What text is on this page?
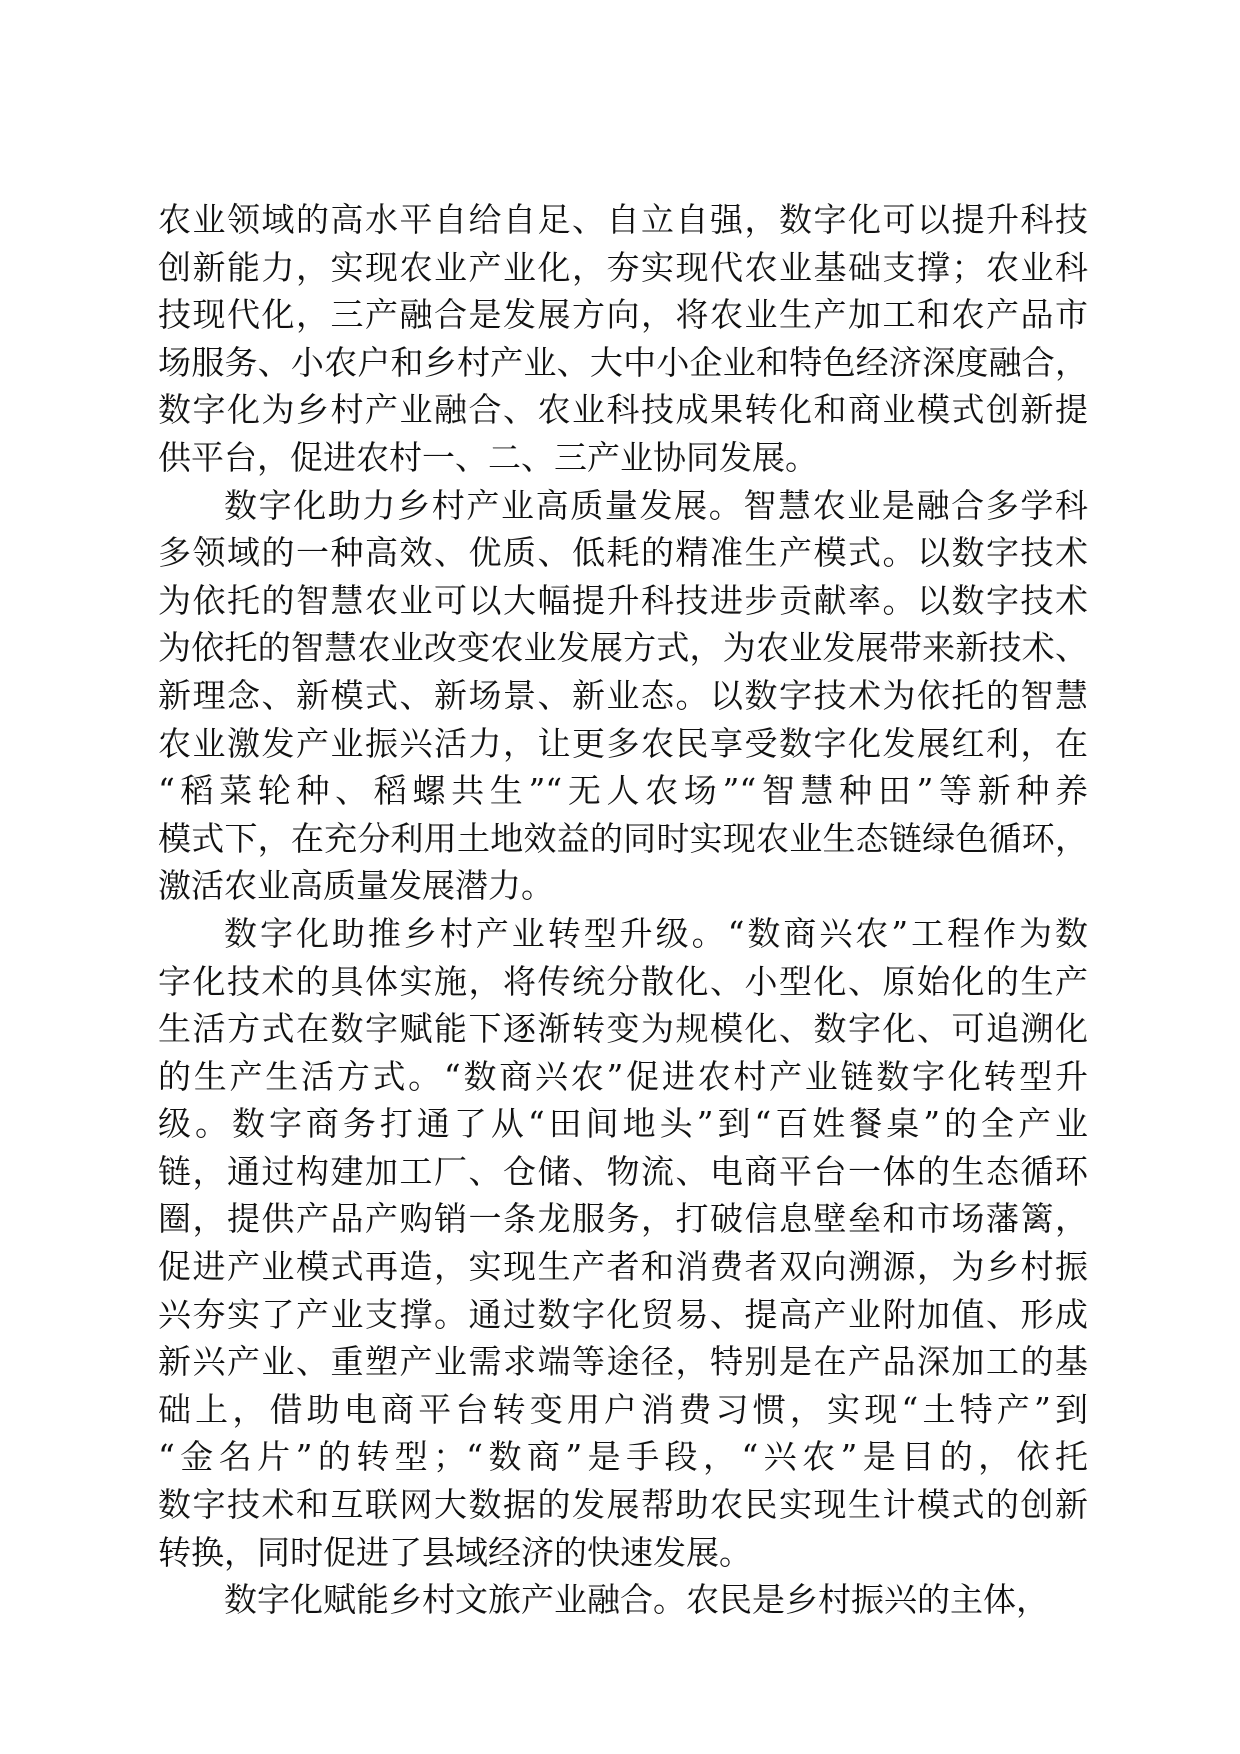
农业领域的高水平自给自足、自立自强，数字化可以提升科技
创新能力，实现农业产业化，夯实现代农业基础支撑；农业科
技现代化，三产融合是发展方向，将农业生产加工和农产品市
场服务、小农户和乡村产业、大中小企业和特色经济深度融合，
数字化为乡村产业融合、农业科技成果转化和商业模式创新提
供平台，促进农村一、二、三产业协同发展。
数字化助力乡村产业高质量发展。智慧农业是融合多学科
多领域的一种高效、优质、低耗的精准生产模式。以数字技术
为依托的智慧农业可以大幅提升科技进步贡献率。以数字技术
为依托的智慧农业改变农业发展方式，为农业发展带来新技术、
新理念、新模式、新场景、新业态。以数字技术为依托的智慧
农业激发产业振兴活力，让更多农民享受数字化发展红利，在
“稻菜轮种、稻螺共生”“无人农场”“智慧种田”等新种养
模式下，在充分利用土地效益的同时实现农业生态链绿色循环，
激活农业高质量发展潜力。
数字化助推乡村产业转型升级。“数商兴农”工程作为数
字化技术的具体实施，将传统分散化、小型化、原始化的生产
生活方式在数字赋能下逐渐转变为规模化、数字化、可追溯化
的生产生活方式。“数商兴农”促进农村产业链数字化转型升
级。数字商务打通了从“田间地头”到“百姓餐桌”的全产业
链，通过构建加工厂、仓储、物流、电商平台一体的生态循环
圈，提供产品产购销一条龙服务，打破信息壁垒和市场藩篱，
促进产业模式再造，实现生产者和消费者双向溯源，为乡村振
兴夯实了产业支撑。通过数字化贸易、提高产业附加值、形成
新兴产业、重塑产业需求端等途径，特别是在产品深加工的基
础上，借助电商平台转变用户消费习惯，实现“土特产”到
“金名片”的转型；“数商”是手段，“兴农”是目的，依托
数字技术和互联网大数据的发展帮助农民实现生计模式的创新
转换，同时促进了县域经济的快速发展。
数字化赋能乡村文旅产业融合。农民是乡村振兴的主体，
